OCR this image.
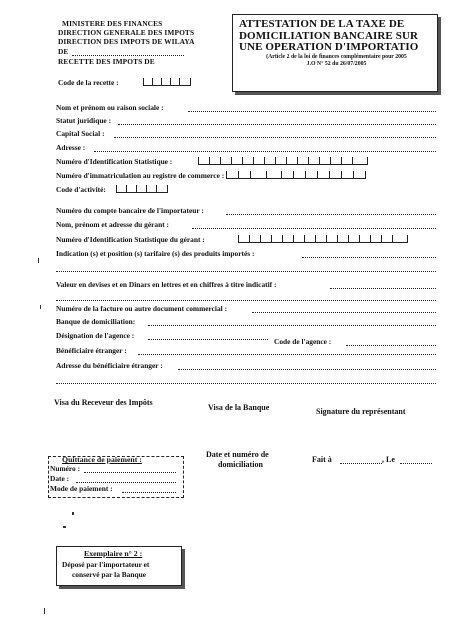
MINISTERE DES FINANCES
DIRECTION GENERALE DES IMPOTS
DIRECTION DES IMPOTS DE WILAYA
DE
RECETTE DES IMPOTS DE
ATTESTATION DE LA TAXE DE
DOMICILIATION BANCAIRE SUR
UNE OPERATION D'IMPORTATIO
(Article 2 de la loi de finances complémentaire pour 2005
J.O N° 52 du 26/07/2005
Code de la recette :
Nom et prénom ou raison sociale :
Statut juridique :
Capital Social :
Adresse :
Numéro d'Identification Statistique :
Numéro d'immatriculation au registre de commerce :
Code d'activité:
Numéro du compte bancaire de l'importateur :
Nom, prénom et adresse du gérant :
Numéro d'Identification Statistique du gérant :
Indication (s) et position (s) tarifaire (s) des produits importés :
Valeur en devises et en Dinars en lettres et en chiffres à titre indicatif :
Numéro de la facture ou autre document commercial :
Banque de domiciliation:
Désignation de l'agence :
Code de l'agence :
Bénéficiaire étranger :
Adresse du bénéficiaire étranger :
Visa du Receveur des Impôts
Visa de la Banque	Signature du représentant
Quittance de paiement :
Numéro :
Date :
Mode de paiement :
Date et numéro de
domiciliation
Fait à	, Le
Exemplaire n° 2 :
Déposé par l'importateur et
conservé par la Banque
